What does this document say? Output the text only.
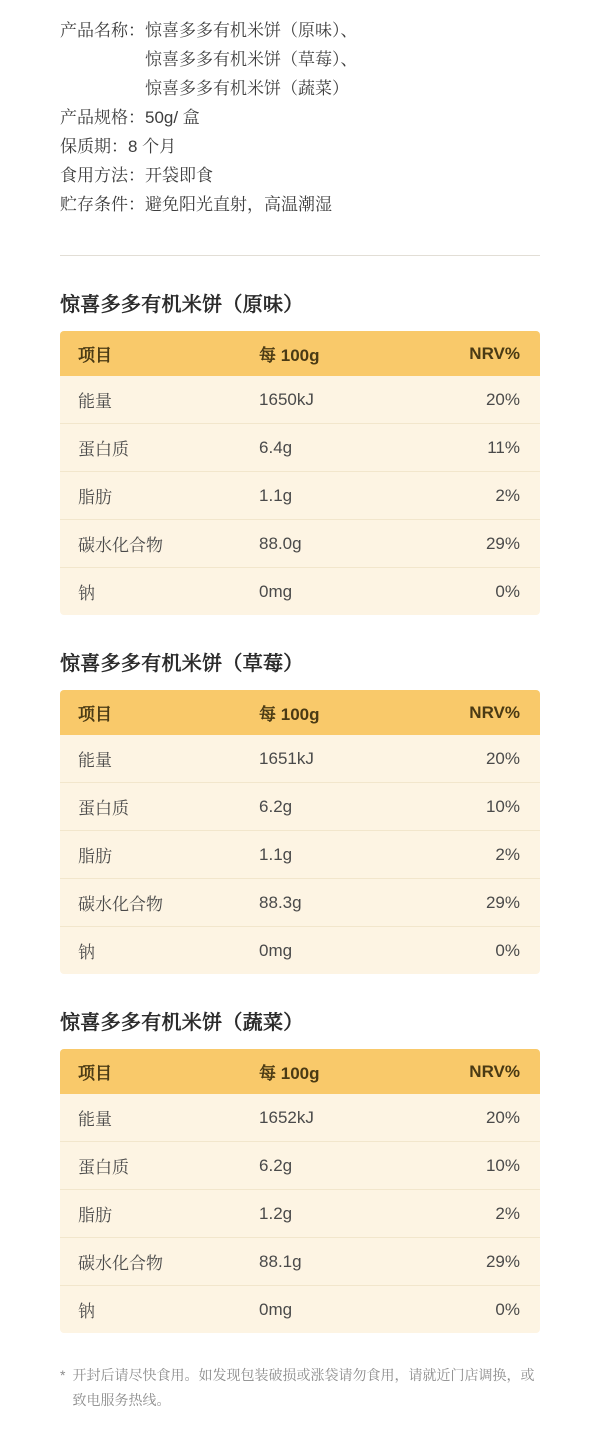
产品名称： 惊喜多多有机米饼（原味）、
惊喜多多有机米饼（草莓）、
惊喜多多有机米饼（蔬菜）
产品规格： 50g/ 盒
保质期： 8 个月
食用方法： 开袋即食
贮存条件： 避免阳光直射，高温潮湿
惊喜多多有机米饼（原味）
项目	每 100g	NRV%
能量	1650kJ	20%
蛋白质	6.4g	11%
脂肪	1.1g	2%
碳水化合物	88.0g	29%
钠	0mg	0%
惊喜多多有机米饼（草莓）
项目	每 100g	NRV%
能量	1651kJ	20%
蛋白质	6.2g	10%
脂肪	1.1g	2%
碳水化合物	88.3g	29%
钠	0mg	0%
惊喜多多有机米饼（蔬菜）
项目	每 100g	NRV%
能量	1652kJ	20%
蛋白质	6.2g	10%
脂肪	1.2g	2%
碳水化合物	88.1g	29%
钠	0mg	0%
* 开封后请尽快食用。如发现包装破损或涨袋请勿食用，请就近门店调换，或致电服务热线。
